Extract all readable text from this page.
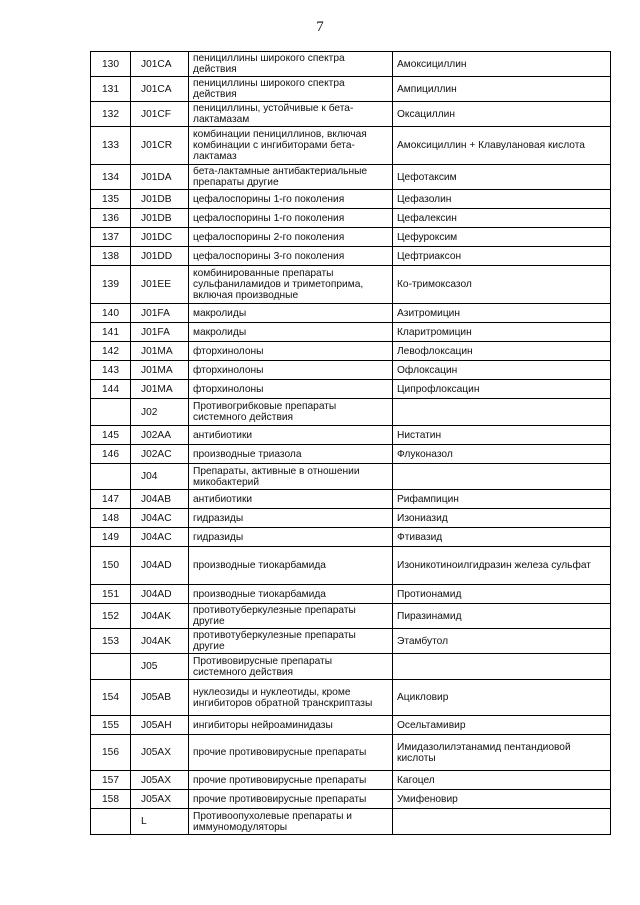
7
130	J01CA	пенициллины широкого спектра действия	Амоксициллин
131	J01CA	пенициллины широкого спектра действия	Ампициллин
132	J01CF	пенициллины, устойчивые к бета-лактамазам	Оксациллин
133	J01CR	комбинации пенициллинов, включая комбинации с ингибиторами бета-лактамаз	Амоксициллин + Клавулановая кислота
134	J01DA	бета-лактамные антибактериальные препараты другие	Цефотаксим
135	J01DB	цефалоспорины 1-го поколения	Цефазолин
136	J01DB	цефалоспорины 1-го поколения	Цефалексин
137	J01DC	цефалоспорины 2-го поколения	Цефуроксим
138	J01DD	цефалоспорины 3-го поколения	Цефтриаксон
139	J01EE	комбинированные препараты сульфаниламидов и триметоприма, включая производные	Ко-тримоксазол
140	J01FA	макролиды	Азитромицин
141	J01FA	макролиды	Кларитромицин
142	J01MA	фторхинолоны	Левофлоксацин
143	J01MA	фторхинолоны	Офлоксацин
144	J01MA	фторхинолоны	Ципрофлоксацин
	J02	Противогрибковые препараты системного действия	
145	J02AA	антибиотики	Нистатин
146	J02AC	производные триазола	Флуконазол
	J04	Препараты, активные в отношении микобактерий	
147	J04AB	антибиотики	Рифампицин
148	J04AC	гидразиды	Изониазид
149	J04AC	гидразиды	Фтивазид
150	J04AD	производные тиокарбамида	Изоникотиноилгидразин железа сульфат
151	J04AD	производные тиокарбамида	Протионамид
152	J04AK	противотуберкулезные препараты другие	Пиразинамид
153	J04AK	противотуберкулезные препараты другие	Этамбутол
	J05	Противовирусные препараты системного действия	
154	J05AB	нуклеозиды и нуклеотиды, кроме ингибиторов обратной транскриптазы	Ацикловир
155	J05AH	ингибиторы нейроаминидазы	Осельтамивир
156	J05AX	прочие противовирусные препараты	Имидазолилэтанамид пентандиовой кислоты
157	J05AX	прочие противовирусные препараты	Кагоцел
158	J05AX	прочие противовирусные препараты	Умифеновир
	L	Противоопухолевые препараты и иммуномодуляторы	
